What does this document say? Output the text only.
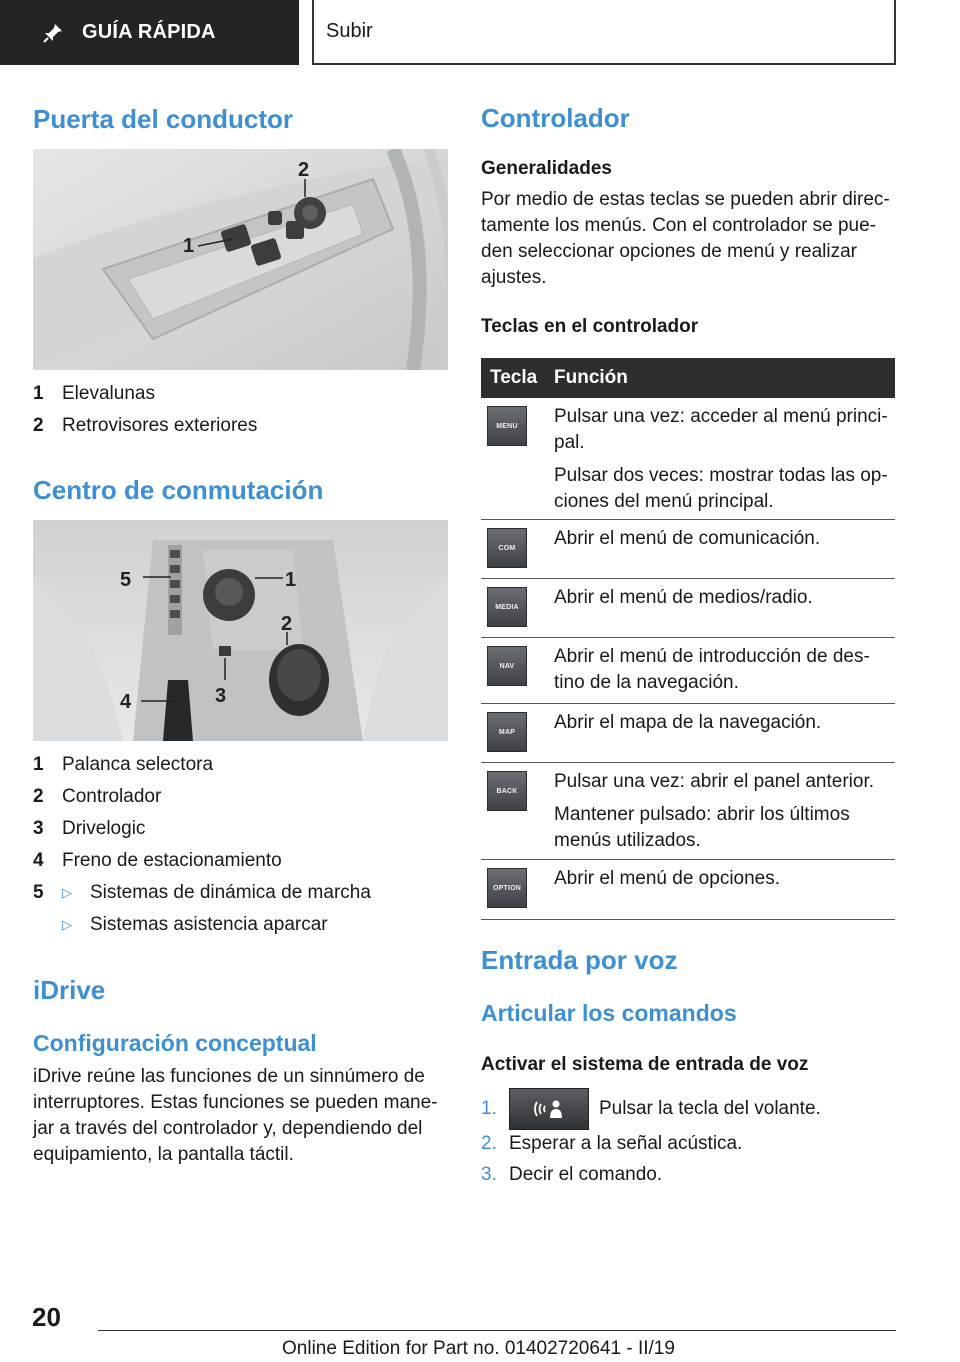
GUÍA RÁPIDA	Subir
Puerta del conductor
1
2
1 Elevalunas
2 Retrovisores exteriores
Centro de conmutación
5	1
2
3
4
1 Palanca selectora
2 Controlador
3 Drivelogic
4 Freno de estacionamiento
5	▷ Sistemas de dinámica de marcha
▷ Sistemas asistencia aparcar
iDrive
Configuración conceptual
iDrive reúne las funciones de un sinnúmero de interruptores. Estas funciones se pueden mane-jar a través del controlador y, dependiendo del equipamiento, la pantalla táctil.
Controlador
Generalidades
Por medio de estas teclas se pueden abrir direc-tamente los menús. Con el controlador se pue-den seleccionar opciones de menú y realizar ajustes.
Teclas en el controlador
Tecla Función
MENU	Pulsar una vez: acceder al menú princi-pal.

Pulsar dos veces: mostrar todas las op-ciones del menú principal.

COM	Abrir el menú de comunicación.

MEDIA	Abrir el menú de medios/radio.

NAV	Abrir el menú de introducción de des-tino de la navegación.

MAP	Abrir el mapa de la navegación.

BACK	Pulsar una vez: abrir el panel anterior.

Mantener pulsado: abrir los últimos menús utilizados.

OPTION	Abrir el menú de opciones.

Entrada por voz
Articular los comandos
Activar el sistema de entrada de voz
1.	Pulsar la tecla del volante.
2. Esperar a la señal acústica.
3. Decir el comando.
20
Online Edition for Part no. 01402720641 - II/19
